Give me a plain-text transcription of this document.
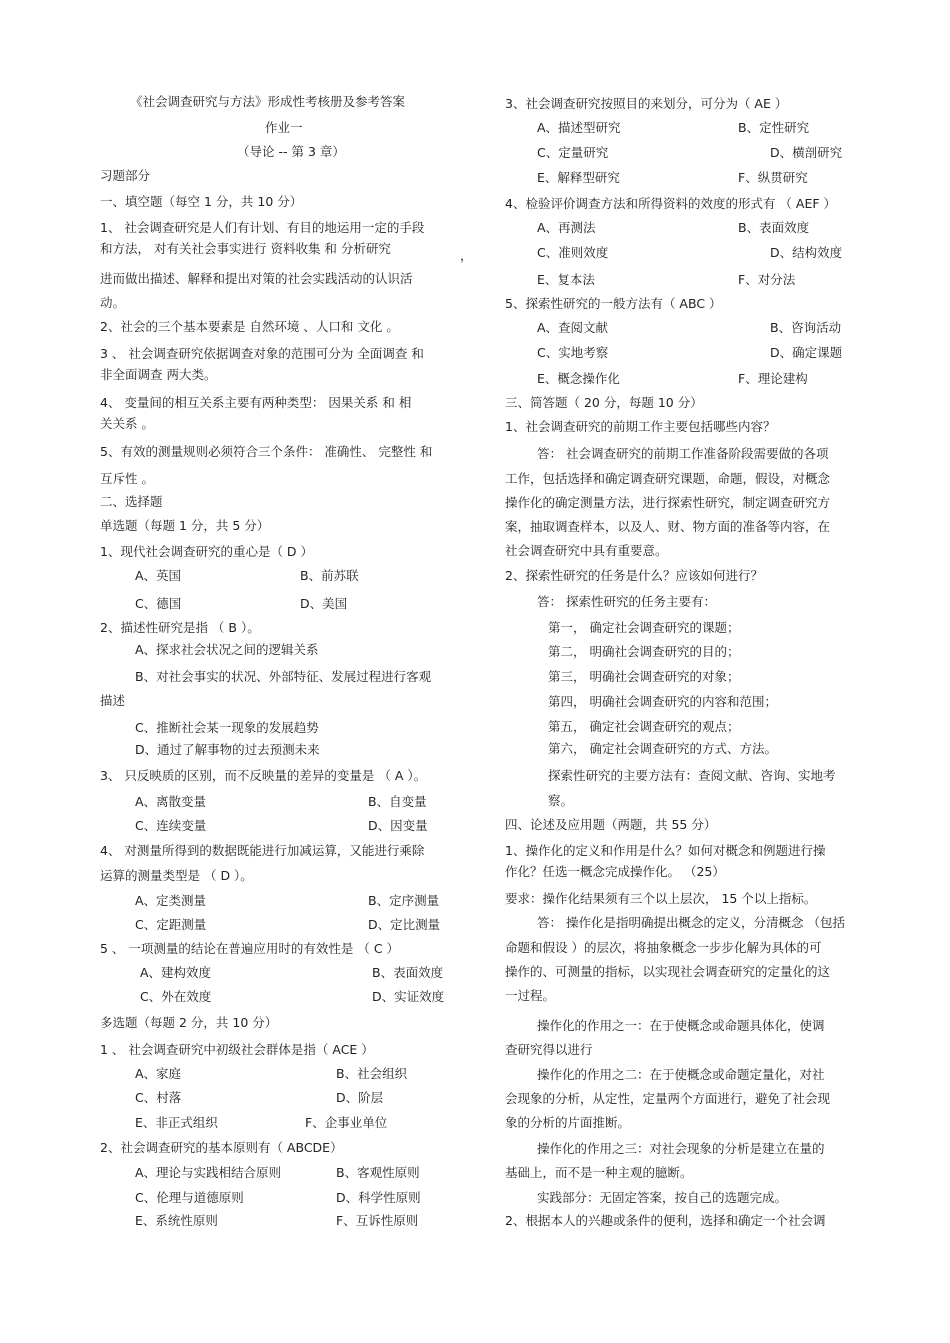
《社会调查研究与方法》形成性考核册及参考答案
作业一
（导论 -- 第 3 章）
习题部分
一、填空题（每空 1 分，共 10 分）
1、 社会调查研究是人们有计划、有目的地运用一定的手段
和方法， 对有关社会事实进行 资料收集 和 分析研究	，
进而做出描述、解释和提出对策的社会实践活动的认识活
动。
2、社会的三个基本要素是 自然环境 、人口和 文化 。
3 、 社会调查研究依据调查对象的范围可分为 全面调查 和
非全面调查 两大类。
4、 变量间的相互关系主要有两种类型： 因果关系 和 相
关关系 。
5、有效的测量规则必须符合三个条件： 准确性、 完整性 和
互斥性 。
二、选择题
单选题（每题 1 分，共 5 分）
1、现代社会调查研究的重心是（ D ）
A、英国	B、前苏联
C、德国	D、美国
2、描述性研究是指 （ B ）。
A、探求社会状况之间的逻辑关系
B、对社会事实的状况、外部特征、发展过程进行客观
描述
C、推断社会某一现象的发展趋势
D、通过了解事物的过去预测未来
3、 只反映质的区别，而不反映量的差异的变量是 （ A ）。
A、离散变量	B、自变量
C、连续变量	D、因变量
4、 对测量所得到的数据既能进行加减运算，又能进行乘除
运算的测量类型是 （ D ）。
A、定类测量	B、定序测量
C、定距测量	D、定比测量
5 、 一项测量的结论在普遍应用时的有效性是 （ C ）
A、建构效度	B、表面效度
C、外在效度	D、实证效度
多选题（每题 2 分，共 10 分）
1 、 社会调查研究中初级社会群体是指（ ACE ）
A、家庭	B、社会组织
C、村落	D、阶层
E、非正式组织	F、企事业单位
2、社会调查研究的基本原则有（ ABCDE）
A、理论与实践相结合原则	B、客观性原则
C、伦理与道德原则	D、科学性原则
E、系统性原则	F、互诉性原则
3、社会调查研究按照目的来划分，可分为（ AE ）
A、描述型研究	B、定性研究
C、定量研究	D、横剖研究
E、解释型研究	F、纵贯研究
4、检验评价调查方法和所得资料的效度的形式有 （ AEF ）
A、再测法	B、表面效度
C、准则效度	D、结构效度
E、复本法	F、对分法
5、探索性研究的一般方法有（ ABC ）
A、查阅文献	B、咨询活动
C、实地考察	D、确定课题
E、概念操作化	F、理论建构
三、简答题（ 20 分，每题 10 分）
1、社会调查研究的前期工作主要包括哪些内容？
答： 社会调查研究的前期工作准备阶段需要做的各项
工作，包括选择和确定调查研究课题，命题，假设，对概念
操作化的确定测量方法，进行探索性研究，制定调查研究方
案，抽取调查样本，以及人、财、物方面的准备等内容，在
社会调查研究中具有重要意。
2、探索性研究的任务是什么？应该如何进行？
答： 探索性研究的任务主要有：
第一， 确定社会调查研究的课题；
第二， 明确社会调查研究的目的；
第三， 明确社会调查研究的对象；
第四， 明确社会调查研究的内容和范围；
第五， 确定社会调查研究的观点；
第六， 确定社会调查研究的方式、方法。
探索性研究的主要方法有：查阅文献、咨询、实地考
察。
四、论述及应用题（两题，共 55 分）
1、操作化的定义和作用是什么？如何对概念和例题进行操
作化？任选一概念完成操作化。 （25）
要求：操作化结果须有三个以上层次， 15 个以上指标。
答： 操作化是指明确提出概念的定义，分清概念 （包括
命题和假设 ）的层次，将抽象概念一步步化解为具体的可
操作的、可测量的指标，以实现社会调查研究的定量化的这
一过程。
操作化的作用之一：在于使概念或命题具体化，使调
查研究得以进行
操作化的作用之二：在于使概念或命题定量化，对社
会现象的分析，从定性，定量两个方面进行，避免了社会现
象的分析的片面推断。
操作化的作用之三：对社会现象的分析是建立在量的
基础上，而不是一种主观的臆断。
实践部分：无固定答案，按自己的选题完成。
2、根据本人的兴趣或条件的便利，选择和确定一个社会调
